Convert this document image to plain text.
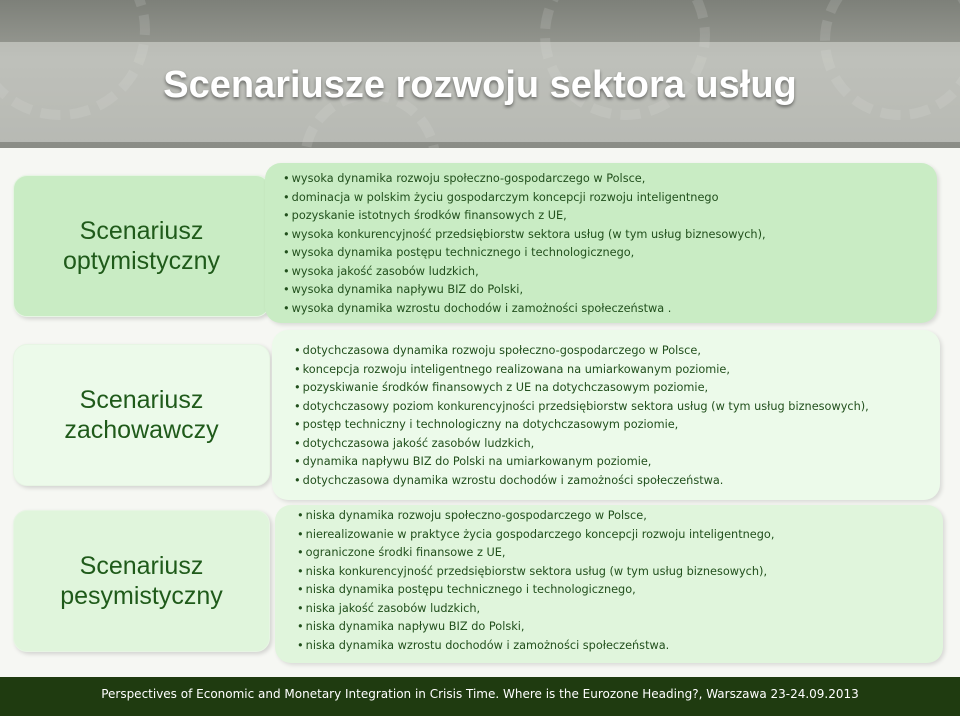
Scenariusze rozwoju sektora usług
Scenariusz optymistyczny
• wysoka dynamika rozwoju społeczno-gospodarczego w Polsce,
• dominacja w polskim życiu gospodarczym koncepcji rozwoju inteligentnego
• pozyskanie istotnych środków finansowych z UE,
• wysoka konkurencyjność przedsiębiorstw sektora usług (w tym usług biznesowych),
• wysoka dynamika postępu technicznego i technologicznego,
• wysoka jakość zasobów ludzkich,
• wysoka dynamika napływu BIZ do Polski,
• wysoka dynamika wzrostu dochodów i zamożności społeczeństwa .
Scenariusz zachowawczy
• dotychczasowa dynamika rozwoju społeczno-gospodarczego w Polsce,
• koncepcja rozwoju inteligentnego realizowana na umiarkowanym poziomie,
• pozyskiwanie środków finansowych z UE na dotychczasowym poziomie,
• dotychczasowy poziom konkurencyjności przedsiębiorstw sektora usług (w tym usług biznesowych),
• postęp techniczny i technologiczny na dotychczasowym poziomie,
• dotychczasowa jakość zasobów ludzkich,
• dynamika napływu BIZ do Polski na umiarkowanym poziomie,
• dotychczasowa dynamika wzrostu dochodów i zamożności społeczeństwa.
Scenariusz pesymistyczny
• niska dynamika rozwoju społeczno-gospodarczego w Polsce,
• nierealizowanie w praktyce życia gospodarczego koncepcji rozwoju inteligentnego,
• ograniczone środki finansowe z UE,
• niska konkurencyjność przedsiębiorstw sektora usług (w tym usług biznesowych),
• niska dynamika postępu technicznego i technologicznego,
• niska jakość zasobów ludzkich,
• niska dynamika napływu BIZ do Polski,
• niska dynamika wzrostu dochodów i zamożności społeczeństwa.
Perspectives of Economic and Monetary Integration in Crisis Time. Where is the Eurozone Heading?, Warszawa 23-24.09.2013
